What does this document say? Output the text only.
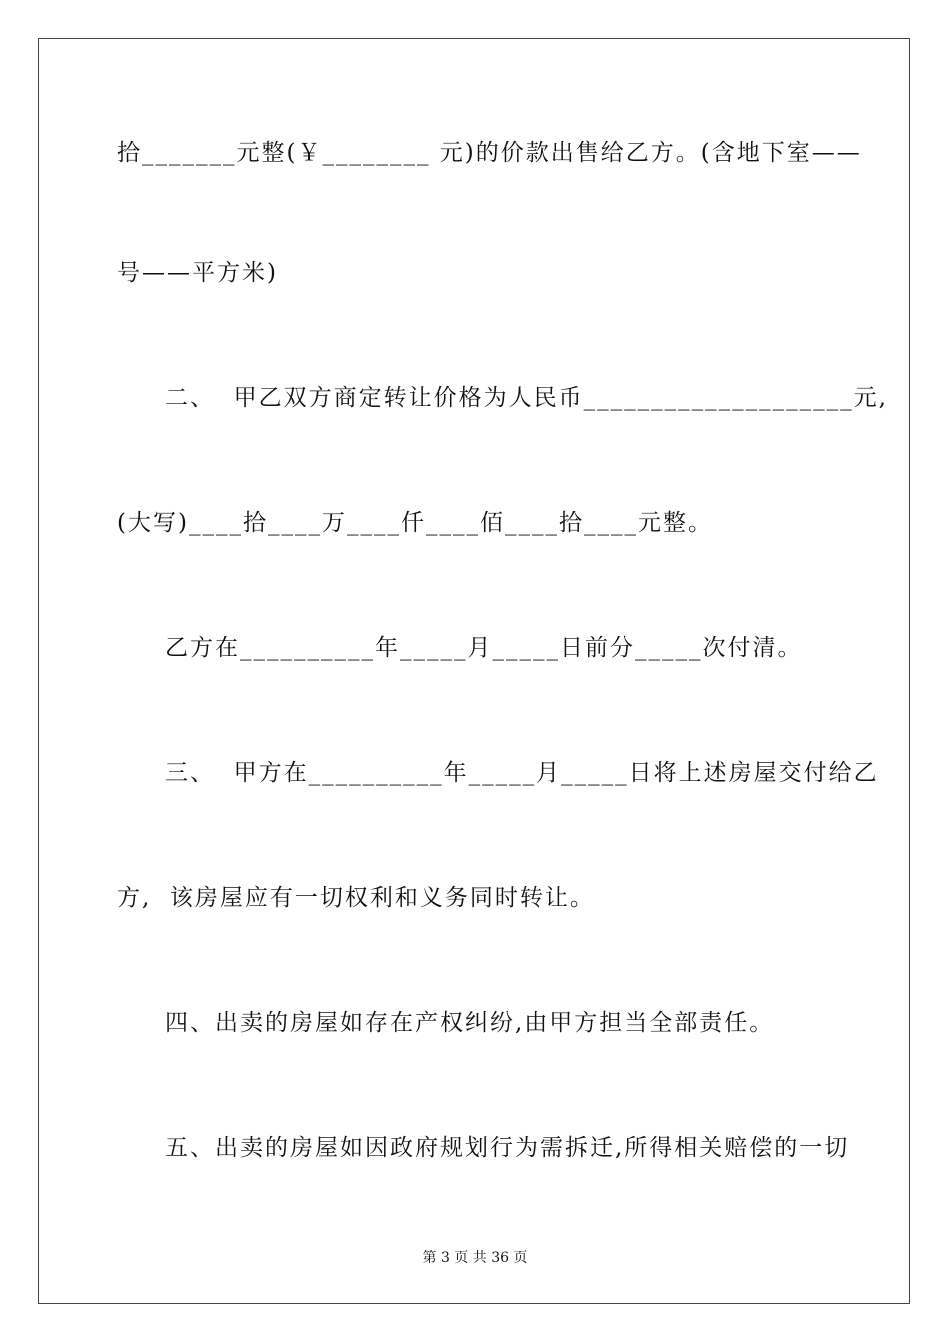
拾_______元整(￥________ 元)的价款出售给乙方。(含地下室——
号——平方米)
二、  甲乙双方商定转让价格为人民币____________________元,
(大写)____拾____万____仟____佰____拾____元整。
乙方在__________年_____月_____日前分_____次付清。
三、  甲方在__________年_____月_____日将上述房屋交付给乙
方,  该房屋应有一切权利和义务同时转让。
四、出卖的房屋如存在产权纠纷,由甲方担当全部责任。
五、出卖的房屋如因政府规划行为需拆迁,所得相关赔偿的一切
第 3 页 共 36 页
